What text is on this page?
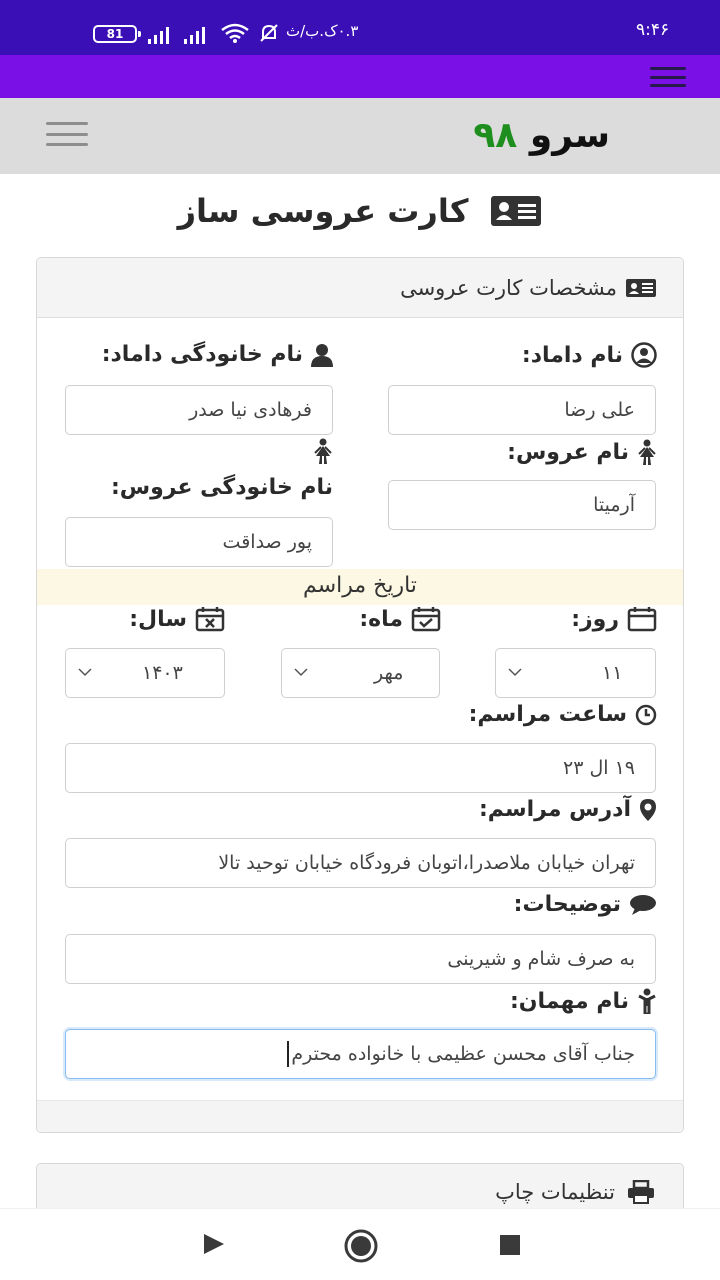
81	۰.۳ک.ب/ث	۹:۴۶
سرو ۹۸
کارت عروسی ساز
مشخصات کارت عروسی
نام داماد:
علی رضا
نام خانودگی داماد:
فرهادی نیا صدر
نام عروس:
آرمیتا
نام خانودگی عروس:
پور صداقت
تاریخ مراسم
روز:
۱۱
ماه:
مهر
سال:
۱۴۰۳
ساعت مراسم:
۱۹ ال ۲۳
آدرس مراسم:
تهران خیابان ملاصدرا،اتوبان فرودگاه خیابان توحید تالا
توضیحات:
به صرف شام و شیرینی
نام مهمان:
جناب آقای محسن عظیمی با خانواده محترم
تنظیمات چاپ
